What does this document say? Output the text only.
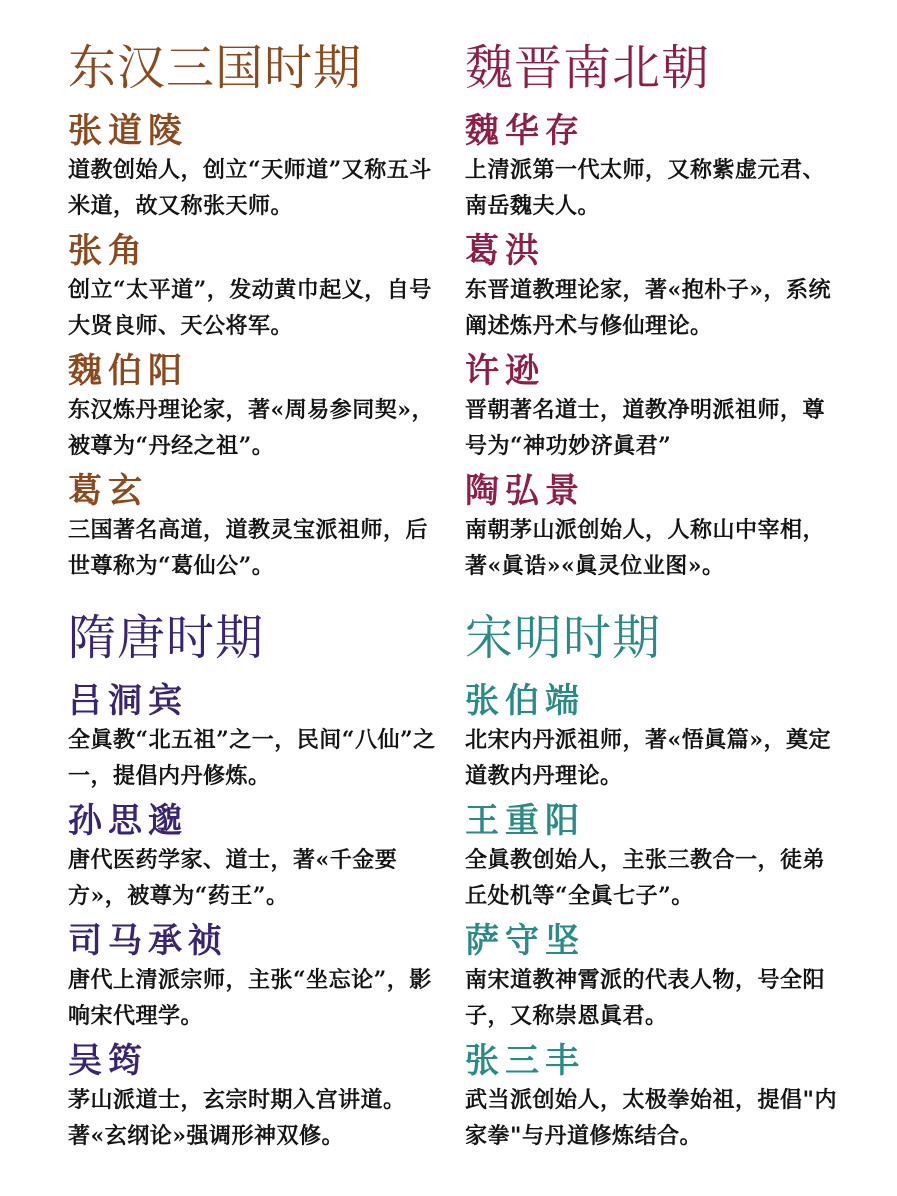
东汉三国时期
张道陵
道教创始人，创立“天师道”又称五斗米道，故又称张天师。
张角
创立“太平道”，发动黄巾起义，自号大贤良师、天公将军。
魏伯阳
东汉炼丹理论家，著«周易参同契»，被尊为“丹经之祖”。
葛玄
三国著名高道，道教灵宝派祖师，后世尊称为“葛仙公”。
魏晋南北朝
魏华存
上清派第一代太师，又称紫虚元君、南岳魏夫人。
葛洪
东晋道教理论家，著«抱朴子»，系统阐述炼丹术与修仙理论。
许逊
晋朝著名道士，道教净明派祖师，尊号为“神功妙济眞君”
陶弘景
南朝茅山派创始人，人称山中宰相，著«眞诰»«眞灵位业图»。
隋唐时期
吕洞宾
全眞教“北五祖”之一，民间“八仙”之一，提倡内丹修炼。
孙思邈
唐代医药学家、道士，著«千金要方»，被尊为“药王”。
司马承祯
唐代上清派宗师，主张“坐忘论”，影响宋代理学。
吴筠
茅山派道士，玄宗时期入宫讲道。著«玄纲论»强调形神双修。
宋明时期
张伯端
北宋内丹派祖师，著«悟眞篇»，奠定道教内丹理论。
王重阳
全眞教创始人，主张三教合一，徒弟丘处机等“全眞七子”。
萨守坚
南宋道教神霄派的代表人物，号全阳子，又称崇恩眞君。
张三丰
武当派创始人，太极拳始祖，提倡"内家拳"与丹道修炼结合。
